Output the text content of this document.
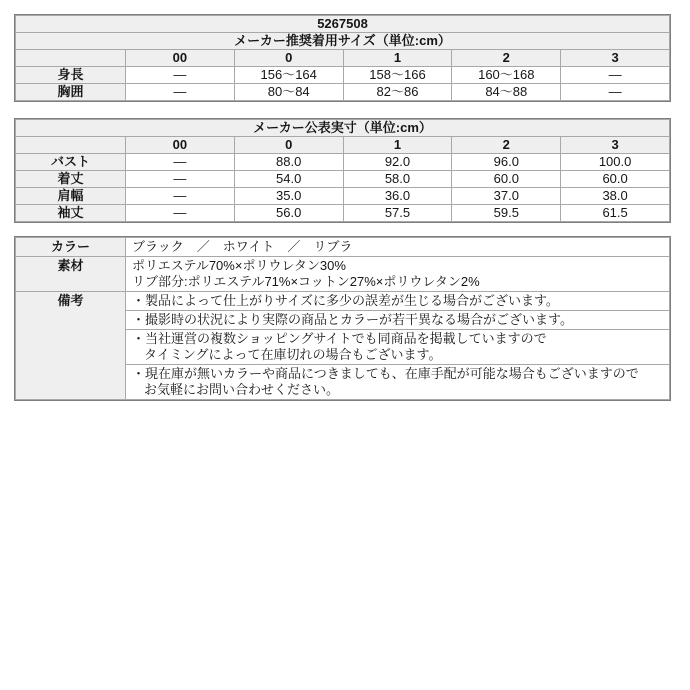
5267508					
メーカー推奨着用サイズ（単位:cm）					
	00	0	1	2	3
身長	—	156～164	158～166	160～168	—
胸囲	—	80～84	82～86	84～88	—
メーカー公表実寸（単位:cm）					
	00	0	1	2	3
バスト	—	88.0	92.0	96.0	100.0
着丈	—	54.0	58.0	60.0	60.0
肩幅	—	35.0	36.0	37.0	38.0
袖丈	—	56.0	57.5	59.5	61.5
カラー	ブラック　／　ホワイト　／　リブラ
素材	ポリエステル70%×ポリウレタン30%
リブ部分:ポリエステル71%×コットン27%×ポリウレタン2%

備考	・製品によって仕上がりサイズに多少の誤差が生じる場合がございます。

	・撮影時の状況により実際の商品とカラーが若干異なる場合がございます。

	・当社運営の複数ショッピングサイトでも同商品を掲載していますので
タイミングによって在庫切れの場合もございます。

	・現在庫が無いカラーや商品につきましても、在庫手配が可能な場合もございますので
お気軽にお問い合わせください。
